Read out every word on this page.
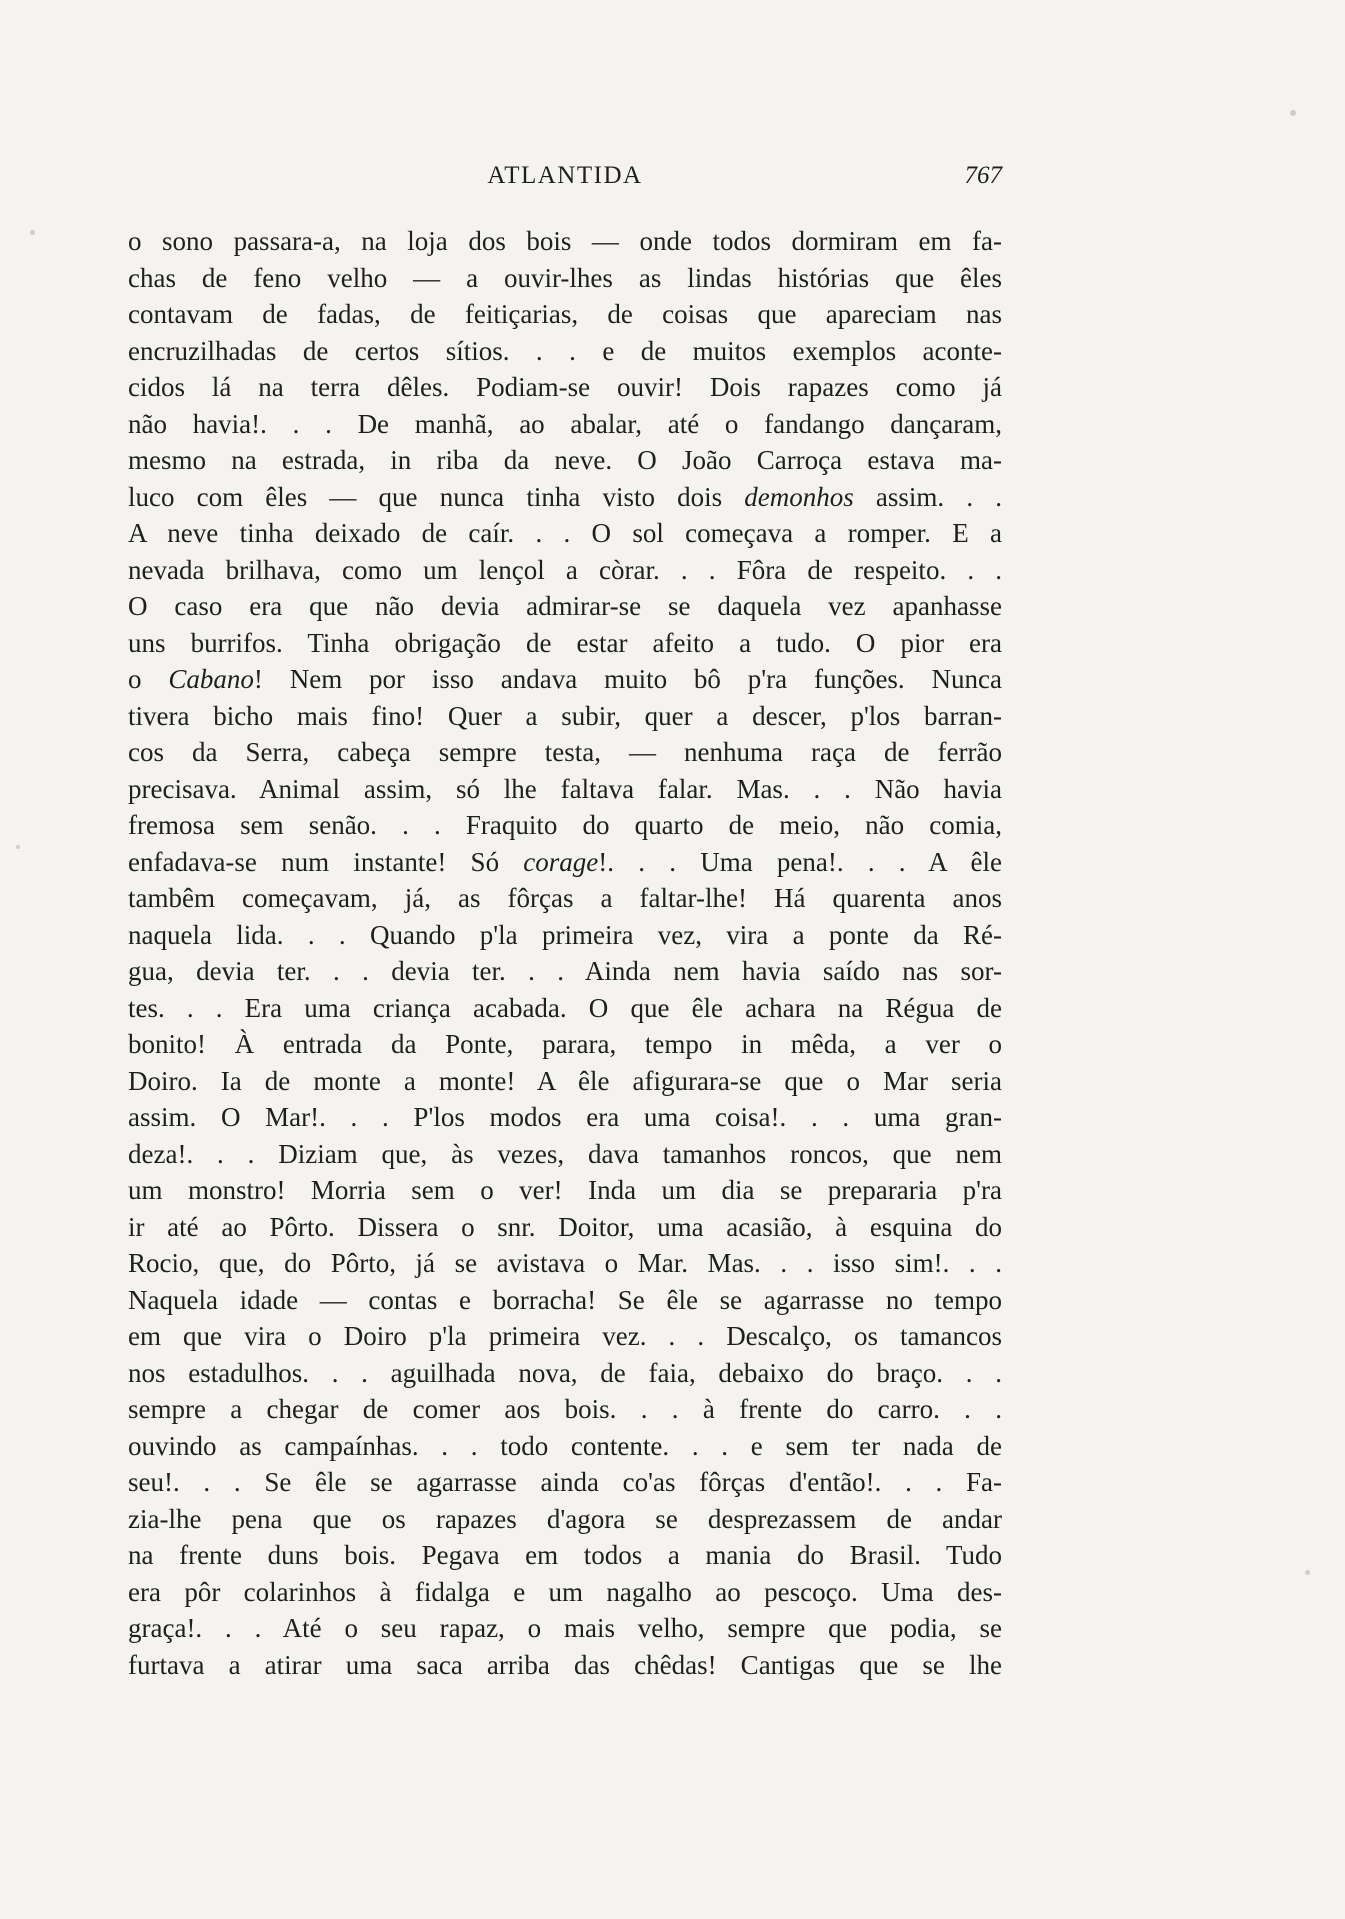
ATLANTIDA	767
o sono passara-a, na loja dos bois — onde todos dormiram em fa-
chas de feno velho — a ouvir-lhes as lindas histórias que êles
contavam de fadas, de feitiçarias, de coisas que apareciam nas
encruzilhadas de certos sítios. . . e de muitos exemplos aconte-
cidos lá na terra dêles. Podiam-se ouvir! Dois rapazes como já
não havia!. . . De manhã, ao abalar, até o fandango dançaram,
mesmo na estrada, in riba da neve. O João Carroça estava ma-
luco com êles — que nunca tinha visto dois demonhos assim. . .
A neve tinha deixado de caír. . . O sol começava a romper. E a
nevada brilhava, como um lençol a còrar. . . Fôra de respeito. . .
O caso era que não devia admirar-se se daquela vez apanhasse
uns burrifos. Tinha obrigação de estar afeito a tudo. O pior era
o Cabano! Nem por isso andava muito bô p'ra funções. Nunca
tivera bicho mais fino! Quer a subir, quer a descer, p'los barran-
cos da Serra, cabeça sempre testa, — nenhuma raça de ferrão
precisava. Animal assim, só lhe faltava falar. Mas. . . Não havia
fremosa sem senão. . . Fraquito do quarto de meio, não comia,
enfadava-se num instante! Só corage!. . . Uma pena!. . . A êle
tambêm começavam, já, as fôrças a faltar-lhe! Há quarenta anos
naquela lida. . . Quando p'la primeira vez, vira a ponte da Ré-
gua, devia ter. . . devia ter. . . Ainda nem havia saído nas sor-
tes. . . Era uma criança acabada. O que êle achara na Régua de
bonito! À entrada da Ponte, parara, tempo in mêda, a ver o
Doiro. Ia de monte a monte! A êle afigurara-se que o Mar seria
assim. O Mar!. . . P'los modos era uma coisa!. . . uma gran-
deza!. . . Diziam que, às vezes, dava tamanhos roncos, que nem
um monstro! Morria sem o ver! Inda um dia se prepararia p'ra
ir até ao Pôrto. Dissera o snr. Doitor, uma acasião, à esquina do
Rocio, que, do Pôrto, já se avistava o Mar. Mas. . . isso sim!. . .
Naquela idade — contas e borracha! Se êle se agarrasse no tempo
em que vira o Doiro p'la primeira vez. . . Descalço, os tamancos
nos estadulhos. . . aguilhada nova, de faia, debaixo do braço. . .
sempre a chegar de comer aos bois. . . à frente do carro. . .
ouvindo as campaínhas. . . todo contente. . . e sem ter nada de
seu!. . . Se êle se agarrasse ainda co'as fôrças d'então!. . . Fa-
zia-lhe pena que os rapazes d'agora se desprezassem de andar
na frente duns bois. Pegava em todos a mania do Brasil. Tudo
era pôr colarinhos à fidalga e um nagalho ao pescoço. Uma des-
graça!. . . Até o seu rapaz, o mais velho, sempre que podia, se
furtava a atirar uma saca arriba das chêdas! Cantigas que se lhe
